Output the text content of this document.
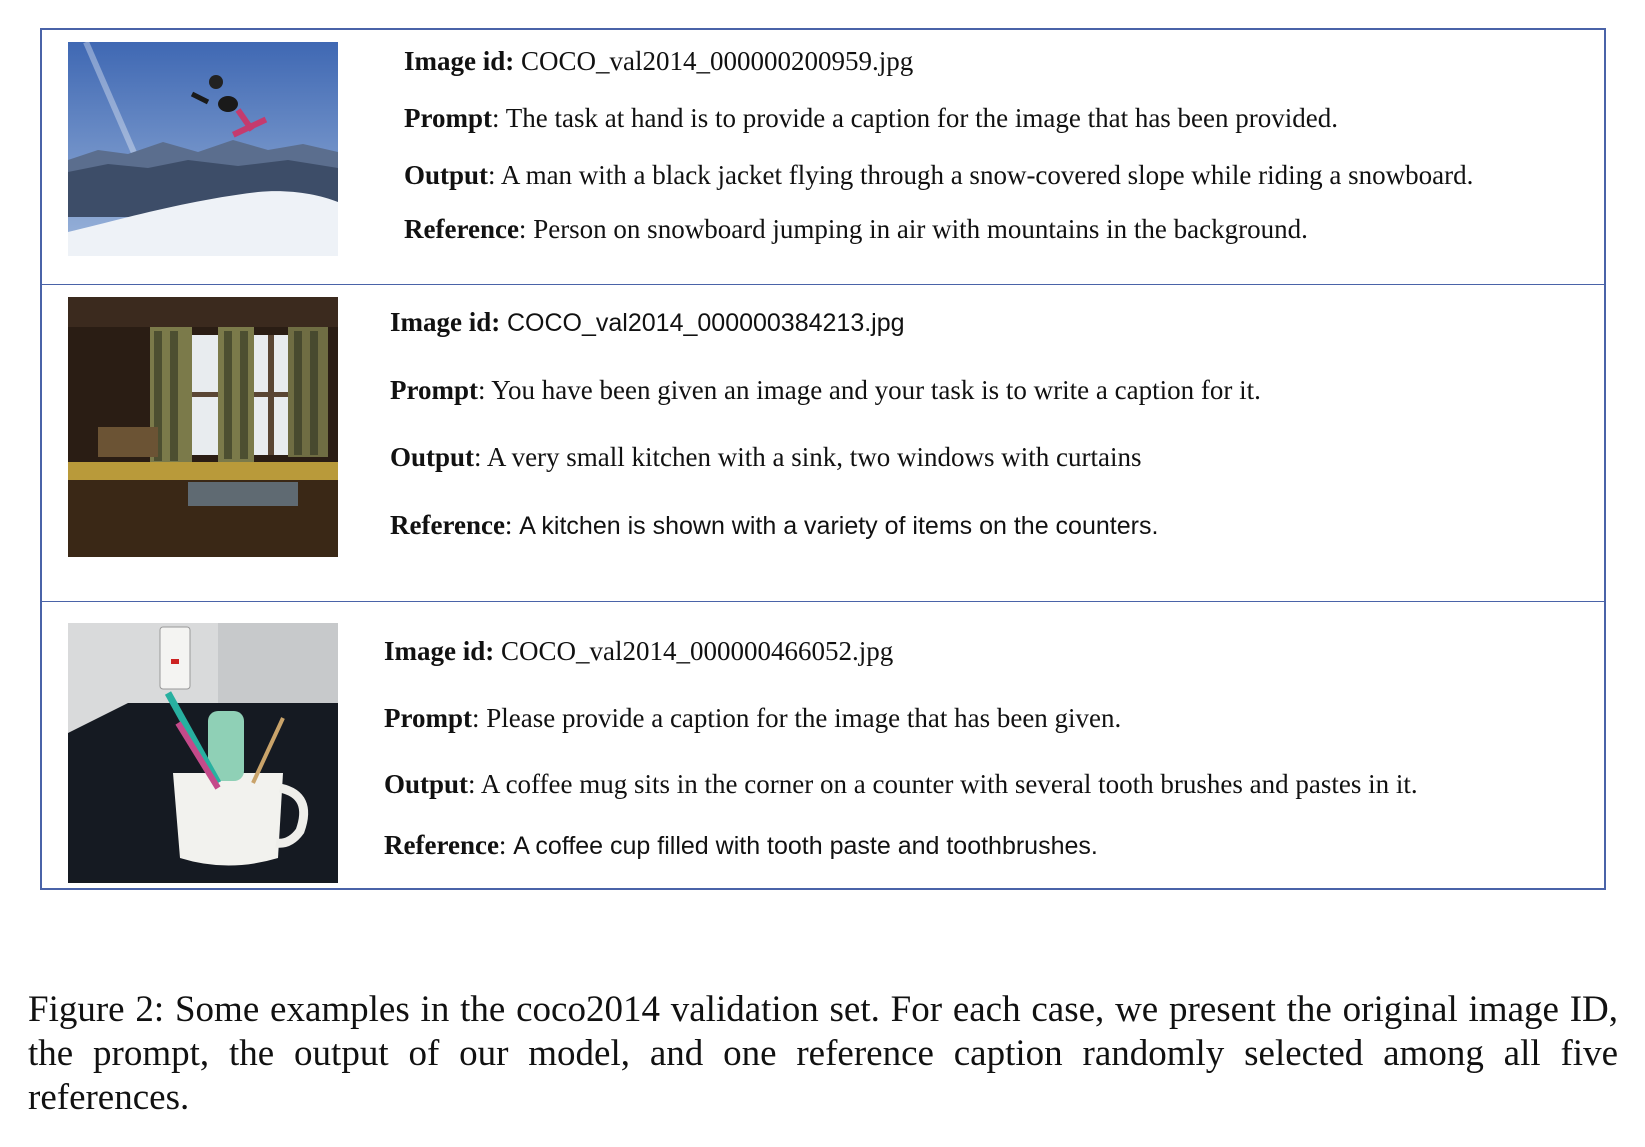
Image id: COCO_val2014_000000200959.jpg
Prompt: The task at hand is to provide a caption for the image that has been provided.
Output: A man with a black jacket flying through a snow-covered slope while riding a snowboard.
Reference: Person on snowboard jumping in air with mountains in the background.
Image id: COCO_val2014_000000384213.jpg
Prompt: You have been given an image and your task is to write a caption for it.
Output: A very small kitchen with a sink, two windows with curtains
Reference: A kitchen is shown with a variety of items on the counters.
Image id: COCO_val2014_000000466052.jpg
Prompt: Please provide a caption for the image that has been given.
Output: A coffee mug sits in the corner on a counter with several tooth brushes and pastes in it.
Reference: A coffee cup filled with tooth paste and toothbrushes.
Figure 2: Some examples in the coco2014 validation set. For each case, we present the original image ID, the prompt, the output of our model, and one reference caption randomly selected among all five references.
